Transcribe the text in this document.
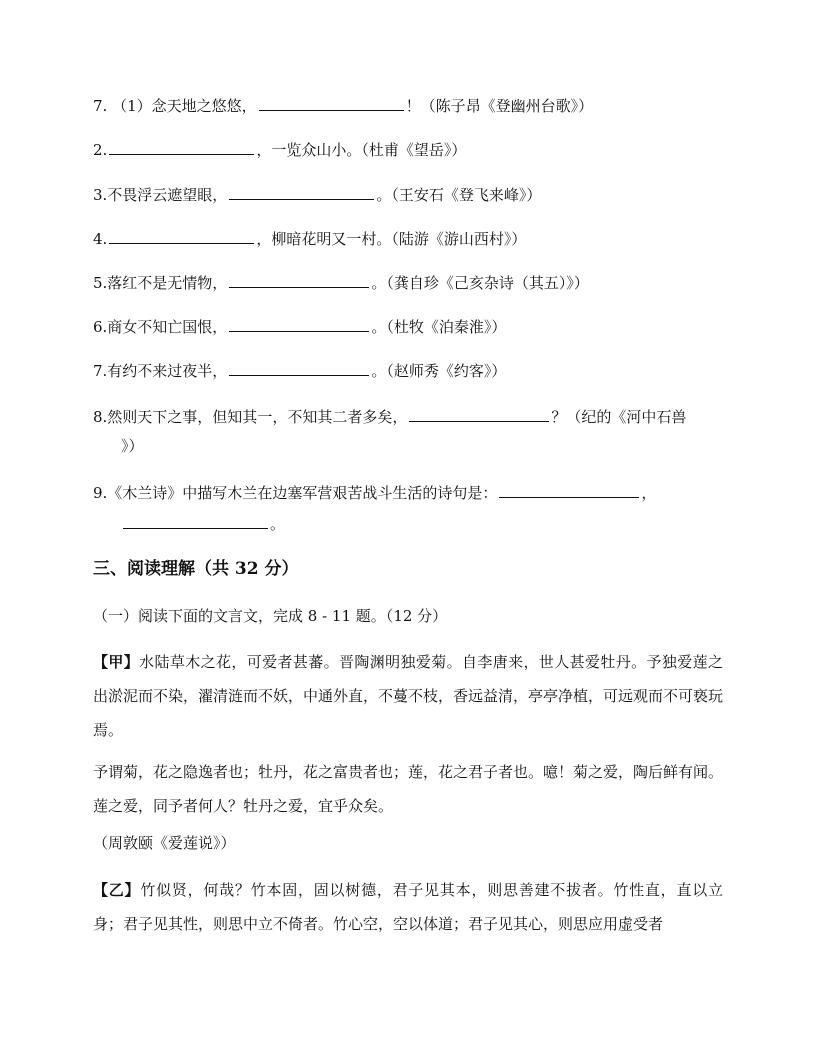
7. （1）念天地之悠悠，	！（陈子昂《登幽州台歌》）
2.	，一览众山小。（杜甫《望岳》）
3.不畏浮云遮望眼，	。（王安石《登飞来峰》）
4.	，柳暗花明又一村。（陆游《游山西村》）
5.落红不是无情物，	。（龚自珍《己亥杂诗（其五）》）
6.商女不知亡国恨，	。（杜牧《泊秦淮》）
7.有约不来过夜半，	。（赵师秀《约客》）
8.然则天下之事，但知其一，不知其二者多矣，	？（纪的《河中石兽
》）
9.《木兰诗》中描写木兰在边塞军营艰苦战斗生活的诗句是：	，
。
三、阅读理解（共 32 分）
（一）阅读下面的文言文，完成 8 - 11 题。（12 分）
【甲】水陆草木之花，可爱者甚蕃。晋陶渊明独爱菊。自李唐来，世人甚爱牡丹。予独爱莲之出淤泥而不染，濯清涟而不妖，中通外直，不蔓不枝，香远益清，亭亭净植，可远观而不可亵玩焉。
予谓菊，花之隐逸者也；牡丹，花之富贵者也；莲，花之君子者也。噫！菊之爱，陶后鲜有闻。莲之爱，同予者何人？牡丹之爱，宜乎众矣。
（周敦颐《爱莲说》）
【乙】竹似贤，何哉？竹本固，固以树德，君子见其本，则思善建不拔者。竹性直，直以立身；君子见其性，则思中立不倚者。竹心空，空以体道；君子见其心，则思应用虚受者
